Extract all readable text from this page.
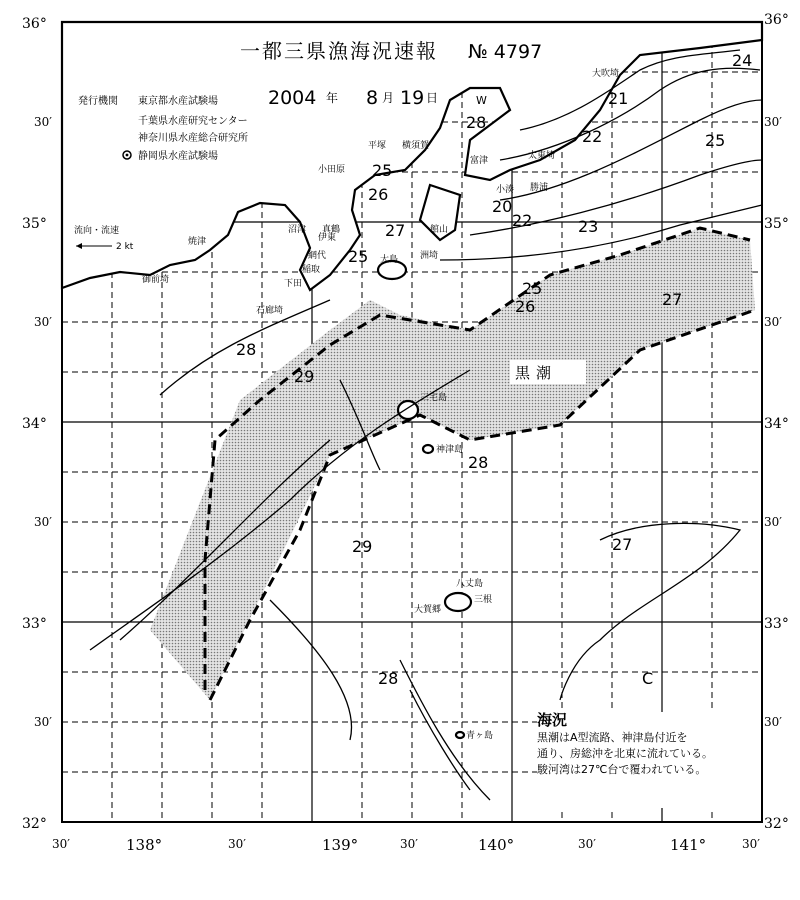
20
21
22
22	23
24
25
25
25
25
26
26
27
27
27
28
28
28
28
29
29
C
黒潮
大吹埼
太東埼
勝浦
小湊
館山
洲埼
富津
横須賀
平塚
小田原
真鶴
伊東
沼津
網代
稲取
下田
石廊埼
御前埼
焼津
大島
三宅島
神津島
八丈島
三根
大賀郷
青ヶ島
W
一都三県漁海況速報 № 4797
2004 年 8 月 19 日
発行機関 東京都水産試験場
千葉県水産研究センター
神奈川県水産総合研究所
静岡県水産試験場
流向・流速
2 kt
36°
30′
35°
30′
34°
30′
33°
30′
32°
36°
30′
35°
30′
34°
30′
33°
30′
32°
30′	138°	30′	139°	30′	140°	30′	141°	30′
海況

黒潮はA型流路、神津島付近を

通り、房総沖を北東に流れている。

駿河湾は27℃台で覆われている。
